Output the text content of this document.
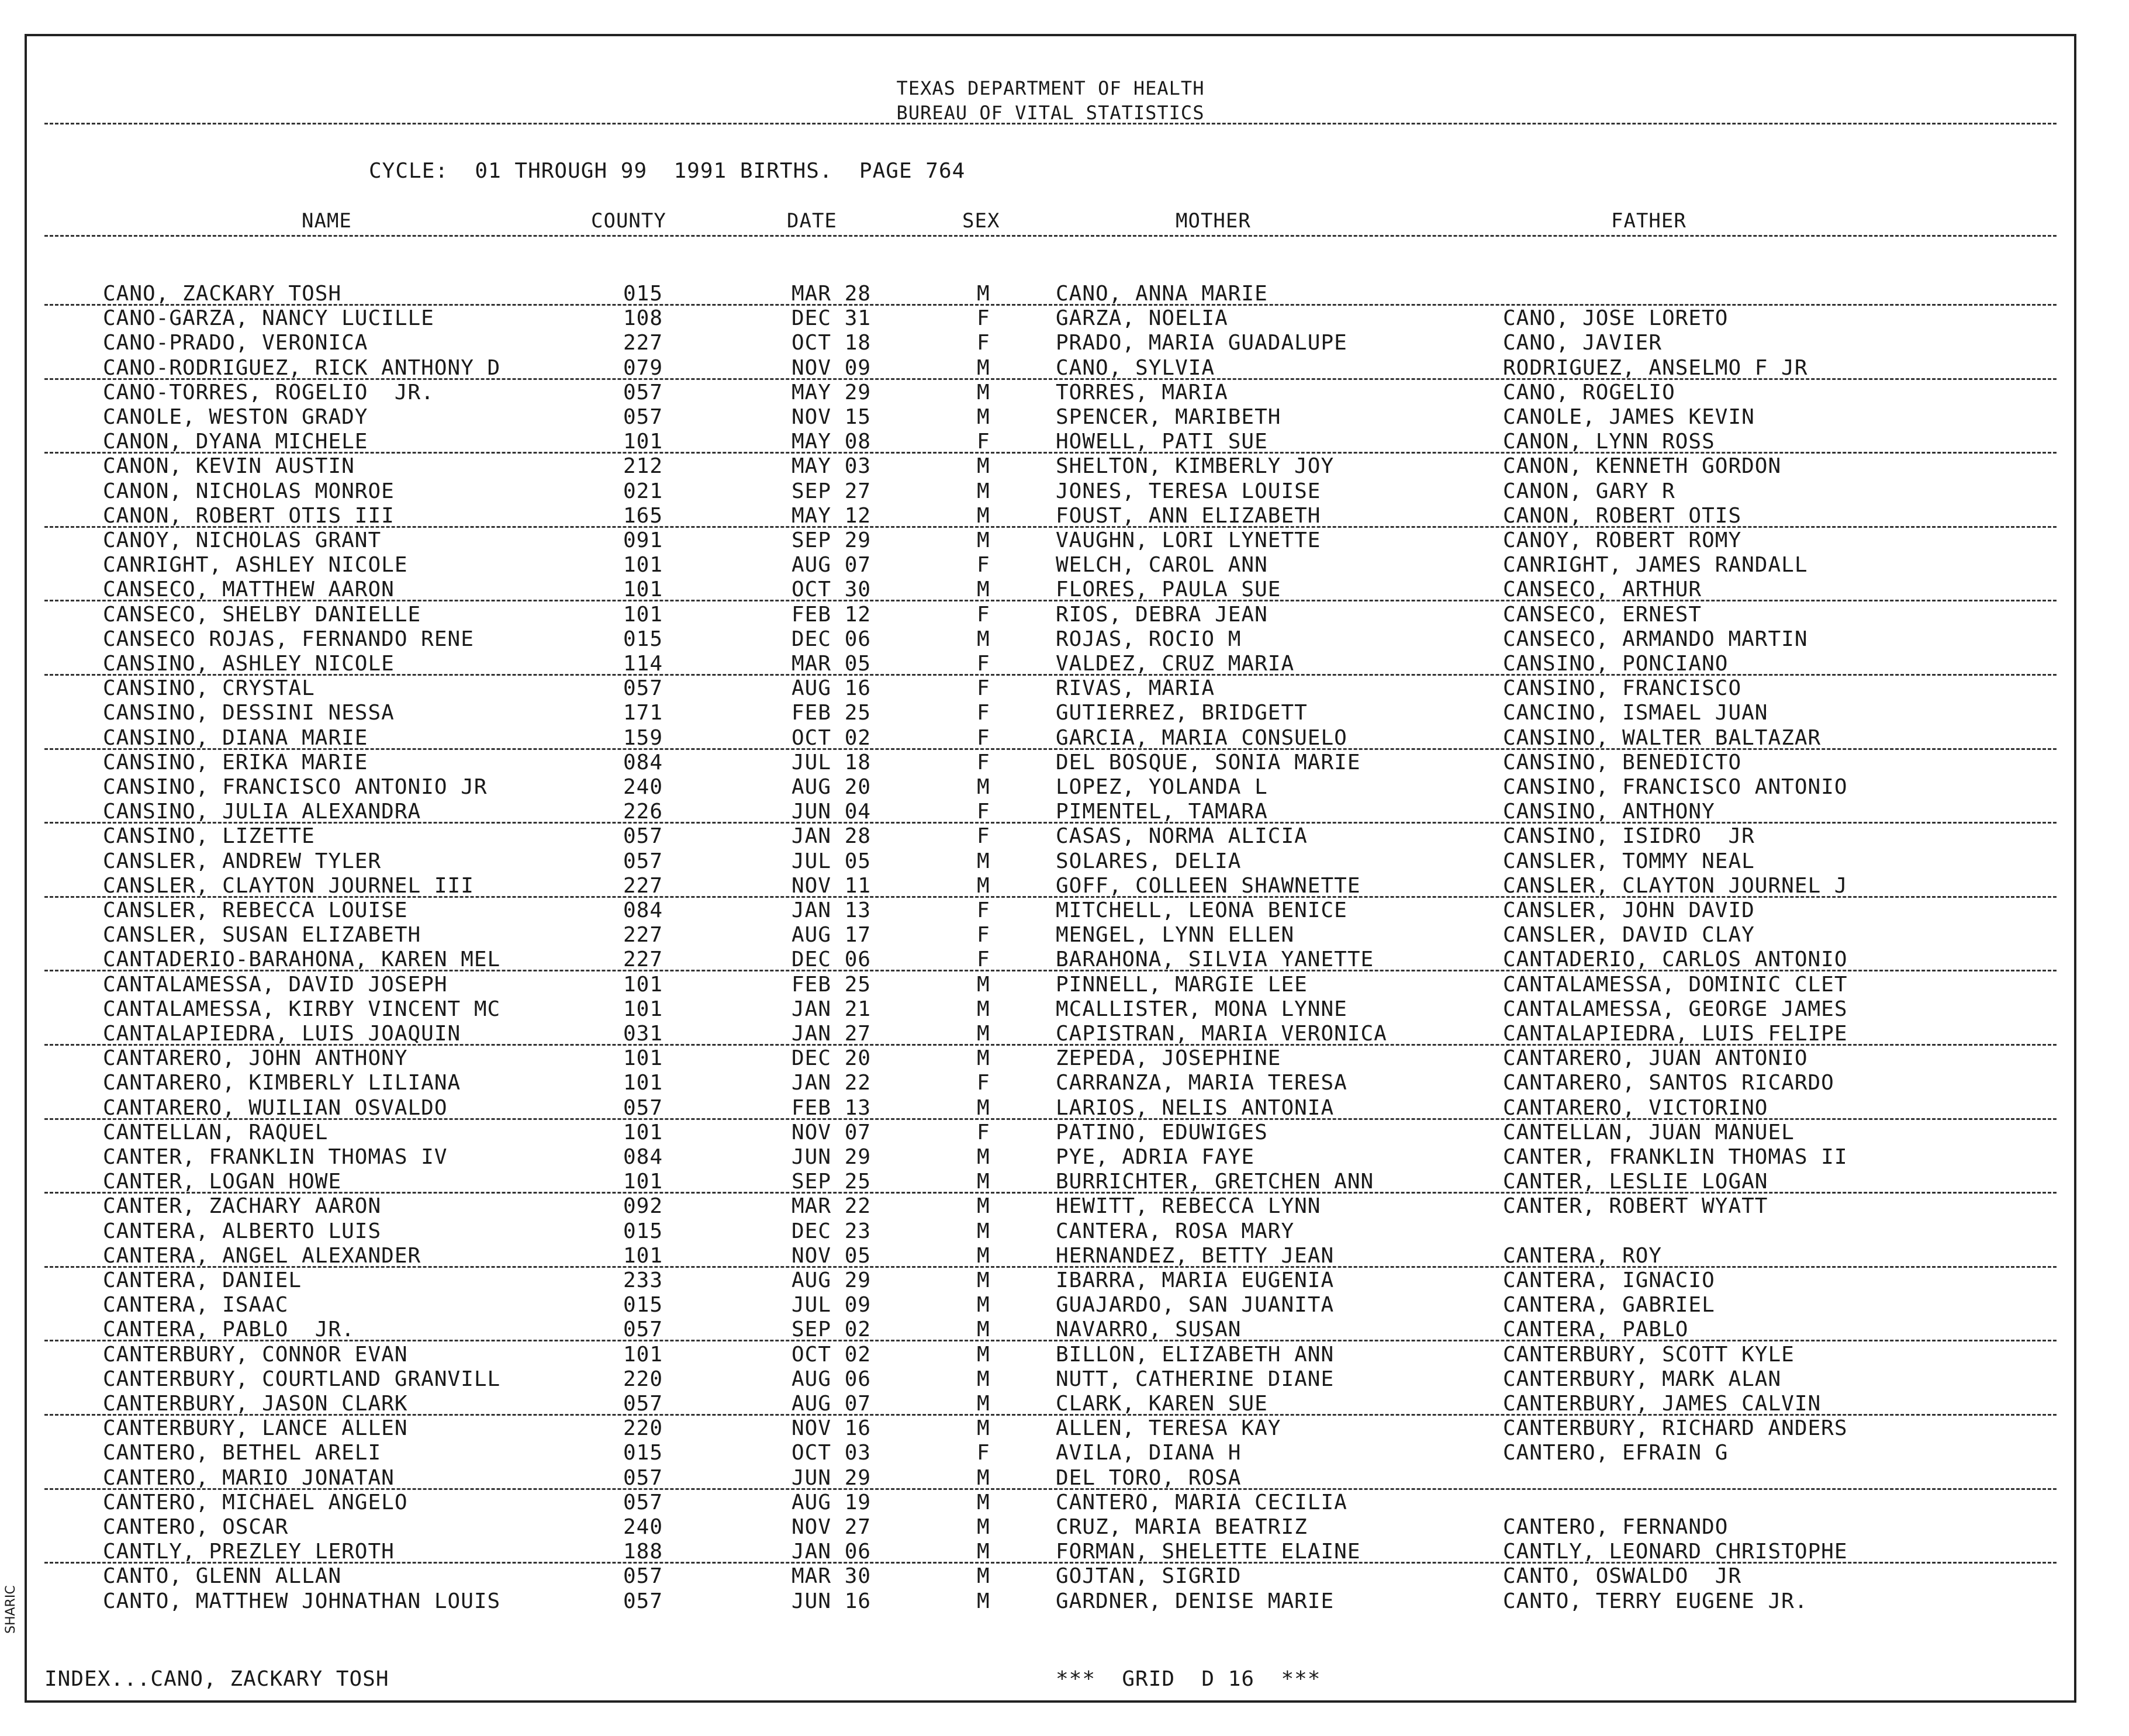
TEXAS DEPARTMENT OF HEALTH
BUREAU OF VITAL STATISTICS
CYCLE:  01 THROUGH 99  1991 BIRTHS.  PAGE 764
NAME	COUNTY	DATE	SEX	MOTHER	FATHER
CANO, ZACKARY TOSH	015	MAR 28	M	CANO, ANNA MARIE
CANO-GARZA, NANCY LUCILLE	108	DEC 31	F	GARZA, NOELIA	CANO, JOSE LORETO
CANO-PRADO, VERONICA	227	OCT 18	F	PRADO, MARIA GUADALUPE	CANO, JAVIER
CANO-RODRIGUEZ, RICK ANTHONY D	079	NOV 09	M	CANO, SYLVIA	RODRIGUEZ, ANSELMO F JR
CANO-TORRES, ROGELIO  JR.	057	MAY 29	M	TORRES, MARIA	CANO, ROGELIO
CANOLE, WESTON GRADY	057	NOV 15	M	SPENCER, MARIBETH	CANOLE, JAMES KEVIN
CANON, DYANA MICHELE	101	MAY 08	F	HOWELL, PATI SUE	CANON, LYNN ROSS
CANON, KEVIN AUSTIN	212	MAY 03	M	SHELTON, KIMBERLY JOY	CANON, KENNETH GORDON
CANON, NICHOLAS MONROE	021	SEP 27	M	JONES, TERESA LOUISE	CANON, GARY R
CANON, ROBERT OTIS III	165	MAY 12	M	FOUST, ANN ELIZABETH	CANON, ROBERT OTIS
CANOY, NICHOLAS GRANT	091	SEP 29	M	VAUGHN, LORI LYNETTE	CANOY, ROBERT ROMY
CANRIGHT, ASHLEY NICOLE	101	AUG 07	F	WELCH, CAROL ANN	CANRIGHT, JAMES RANDALL
CANSECO, MATTHEW AARON	101	OCT 30	M	FLORES, PAULA SUE	CANSECO, ARTHUR
CANSECO, SHELBY DANIELLE	101	FEB 12	F	RIOS, DEBRA JEAN	CANSECO, ERNEST
CANSECO ROJAS, FERNANDO RENE	015	DEC 06	M	ROJAS, ROCIO M	CANSECO, ARMANDO MARTIN
CANSINO, ASHLEY NICOLE	114	MAR 05	F	VALDEZ, CRUZ MARIA	CANSINO, PONCIANO
CANSINO, CRYSTAL	057	AUG 16	F	RIVAS, MARIA	CANSINO, FRANCISCO
CANSINO, DESSINI NESSA	171	FEB 25	F	GUTIERREZ, BRIDGETT	CANCINO, ISMAEL JUAN
CANSINO, DIANA MARIE	159	OCT 02	F	GARCIA, MARIA CONSUELO	CANSINO, WALTER BALTAZAR
CANSINO, ERIKA MARIE	084	JUL 18	F	DEL BOSQUE, SONIA MARIE	CANSINO, BENEDICTO
CANSINO, FRANCISCO ANTONIO JR	240	AUG 20	M	LOPEZ, YOLANDA L	CANSINO, FRANCISCO ANTONIO
CANSINO, JULIA ALEXANDRA	226	JUN 04	F	PIMENTEL, TAMARA	CANSINO, ANTHONY
CANSINO, LIZETTE	057	JAN 28	F	CASAS, NORMA ALICIA	CANSINO, ISIDRO  JR
CANSLER, ANDREW TYLER	057	JUL 05	M	SOLARES, DELIA	CANSLER, TOMMY NEAL
CANSLER, CLAYTON JOURNEL III	227	NOV 11	M	GOFF, COLLEEN SHAWNETTE	CANSLER, CLAYTON JOURNEL J
CANSLER, REBECCA LOUISE	084	JAN 13	F	MITCHELL, LEONA BENICE	CANSLER, JOHN DAVID
CANSLER, SUSAN ELIZABETH	227	AUG 17	F	MENGEL, LYNN ELLEN	CANSLER, DAVID CLAY
CANTADERIO-BARAHONA, KAREN MEL	227	DEC 06	F	BARAHONA, SILVIA YANETTE	CANTADERIO, CARLOS ANTONIO
CANTALAMESSA, DAVID JOSEPH	101	FEB 25	M	PINNELL, MARGIE LEE	CANTALAMESSA, DOMINIC CLET
CANTALAMESSA, KIRBY VINCENT MC	101	JAN 21	M	MCALLISTER, MONA LYNNE	CANTALAMESSA, GEORGE JAMES
CANTALAPIEDRA, LUIS JOAQUIN	031	JAN 27	M	CAPISTRAN, MARIA VERONICA	CANTALAPIEDRA, LUIS FELIPE
CANTARERO, JOHN ANTHONY	101	DEC 20	M	ZEPEDA, JOSEPHINE	CANTARERO, JUAN ANTONIO
CANTARERO, KIMBERLY LILIANA	101	JAN 22	F	CARRANZA, MARIA TERESA	CANTARERO, SANTOS RICARDO
CANTARERO, WUILIAN OSVALDO	057	FEB 13	M	LARIOS, NELIS ANTONIA	CANTARERO, VICTORINO
CANTELLAN, RAQUEL	101	NOV 07	F	PATINO, EDUWIGES	CANTELLAN, JUAN MANUEL
CANTER, FRANKLIN THOMAS IV	084	JUN 29	M	PYE, ADRIA FAYE	CANTER, FRANKLIN THOMAS II
CANTER, LOGAN HOWE	101	SEP 25	M	BURRICHTER, GRETCHEN ANN	CANTER, LESLIE LOGAN
CANTER, ZACHARY AARON	092	MAR 22	M	HEWITT, REBECCA LYNN	CANTER, ROBERT WYATT
CANTERA, ALBERTO LUIS	015	DEC 23	M	CANTERA, ROSA MARY
CANTERA, ANGEL ALEXANDER	101	NOV 05	M	HERNANDEZ, BETTY JEAN	CANTERA, ROY
CANTERA, DANIEL	233	AUG 29	M	IBARRA, MARIA EUGENIA	CANTERA, IGNACIO
CANTERA, ISAAC	015	JUL 09	M	GUAJARDO, SAN JUANITA	CANTERA, GABRIEL
CANTERA, PABLO  JR.	057	SEP 02	M	NAVARRO, SUSAN	CANTERA, PABLO
CANTERBURY, CONNOR EVAN	101	OCT 02	M	BILLON, ELIZABETH ANN	CANTERBURY, SCOTT KYLE
CANTERBURY, COURTLAND GRANVILL	220	AUG 06	M	NUTT, CATHERINE DIANE	CANTERBURY, MARK ALAN
CANTERBURY, JASON CLARK	057	AUG 07	M	CLARK, KAREN SUE	CANTERBURY, JAMES CALVIN
CANTERBURY, LANCE ALLEN	220	NOV 16	M	ALLEN, TERESA KAY	CANTERBURY, RICHARD ANDERS
CANTERO, BETHEL ARELI	015	OCT 03	F	AVILA, DIANA H	CANTERO, EFRAIN G
CANTERO, MARIO JONATAN	057	JUN 29	M	DEL TORO, ROSA
CANTERO, MICHAEL ANGELO	057	AUG 19	M	CANTERO, MARIA CECILIA
CANTERO, OSCAR	240	NOV 27	M	CRUZ, MARIA BEATRIZ	CANTERO, FERNANDO
CANTLY, PREZLEY LEROTH	188	JAN 06	M	FORMAN, SHELETTE ELAINE	CANTLY, LEONARD CHRISTOPHE
CANTO, GLENN ALLAN	057	MAR 30	M	GOJTAN, SIGRID	CANTO, OSWALDO  JR
CANTO, MATTHEW JOHNATHAN LOUIS	057	JUN 16	M	GARDNER, DENISE MARIE	CANTO, TERRY EUGENE JR.
INDEX...CANO, ZACKARY TOSH	***  GRID  D 16  ***
SHARIC
